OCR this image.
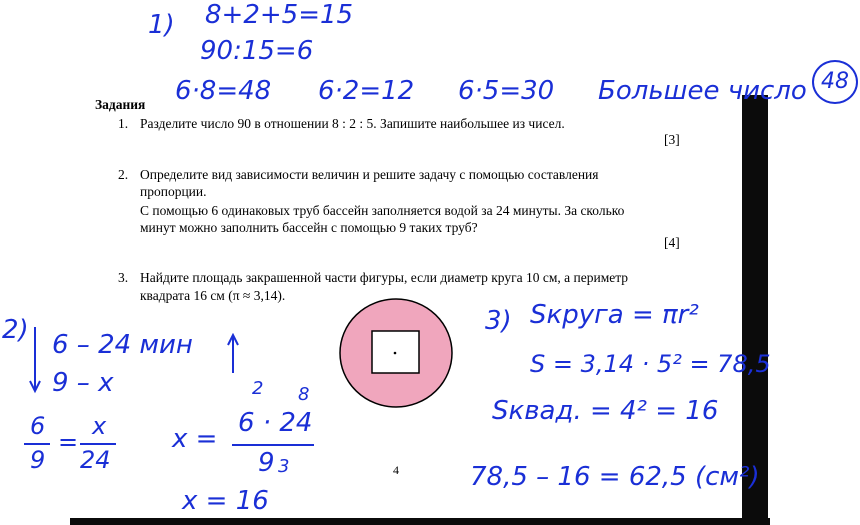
Задания
1. Разделите число 90 в отношении 8 : 2 : 5. Запишите наибольшее из чисел.
[3]
2. Определите вид зависимости величин и решите задачу с помощью составления
пропорции.
С помощью 6 одинаковых труб бассейн заполняется водой за 24 минуты. За сколько
минут можно заполнить бассейн с помощью 9 таких труб?
[4]
3. Найдите площадь закрашенной части фигуры, если диаметр круга 10 см, а периметр
квадрата 16 см (π ≈ 3,14).
4
1) 8+2+5=15
90:15=6
6·8=48 6·2=12 6·5=30 Большее число 48
2) 6 – 24 мин
9 – x
6
9
=
x
24
x =
2 8
6 · 24
9 3
x = 16
3) Sкруга = πr²
S = 3,14 · 5² = 78,5
Sквад. = 4² = 16
78,5 – 16 = 62,5 (см²)
